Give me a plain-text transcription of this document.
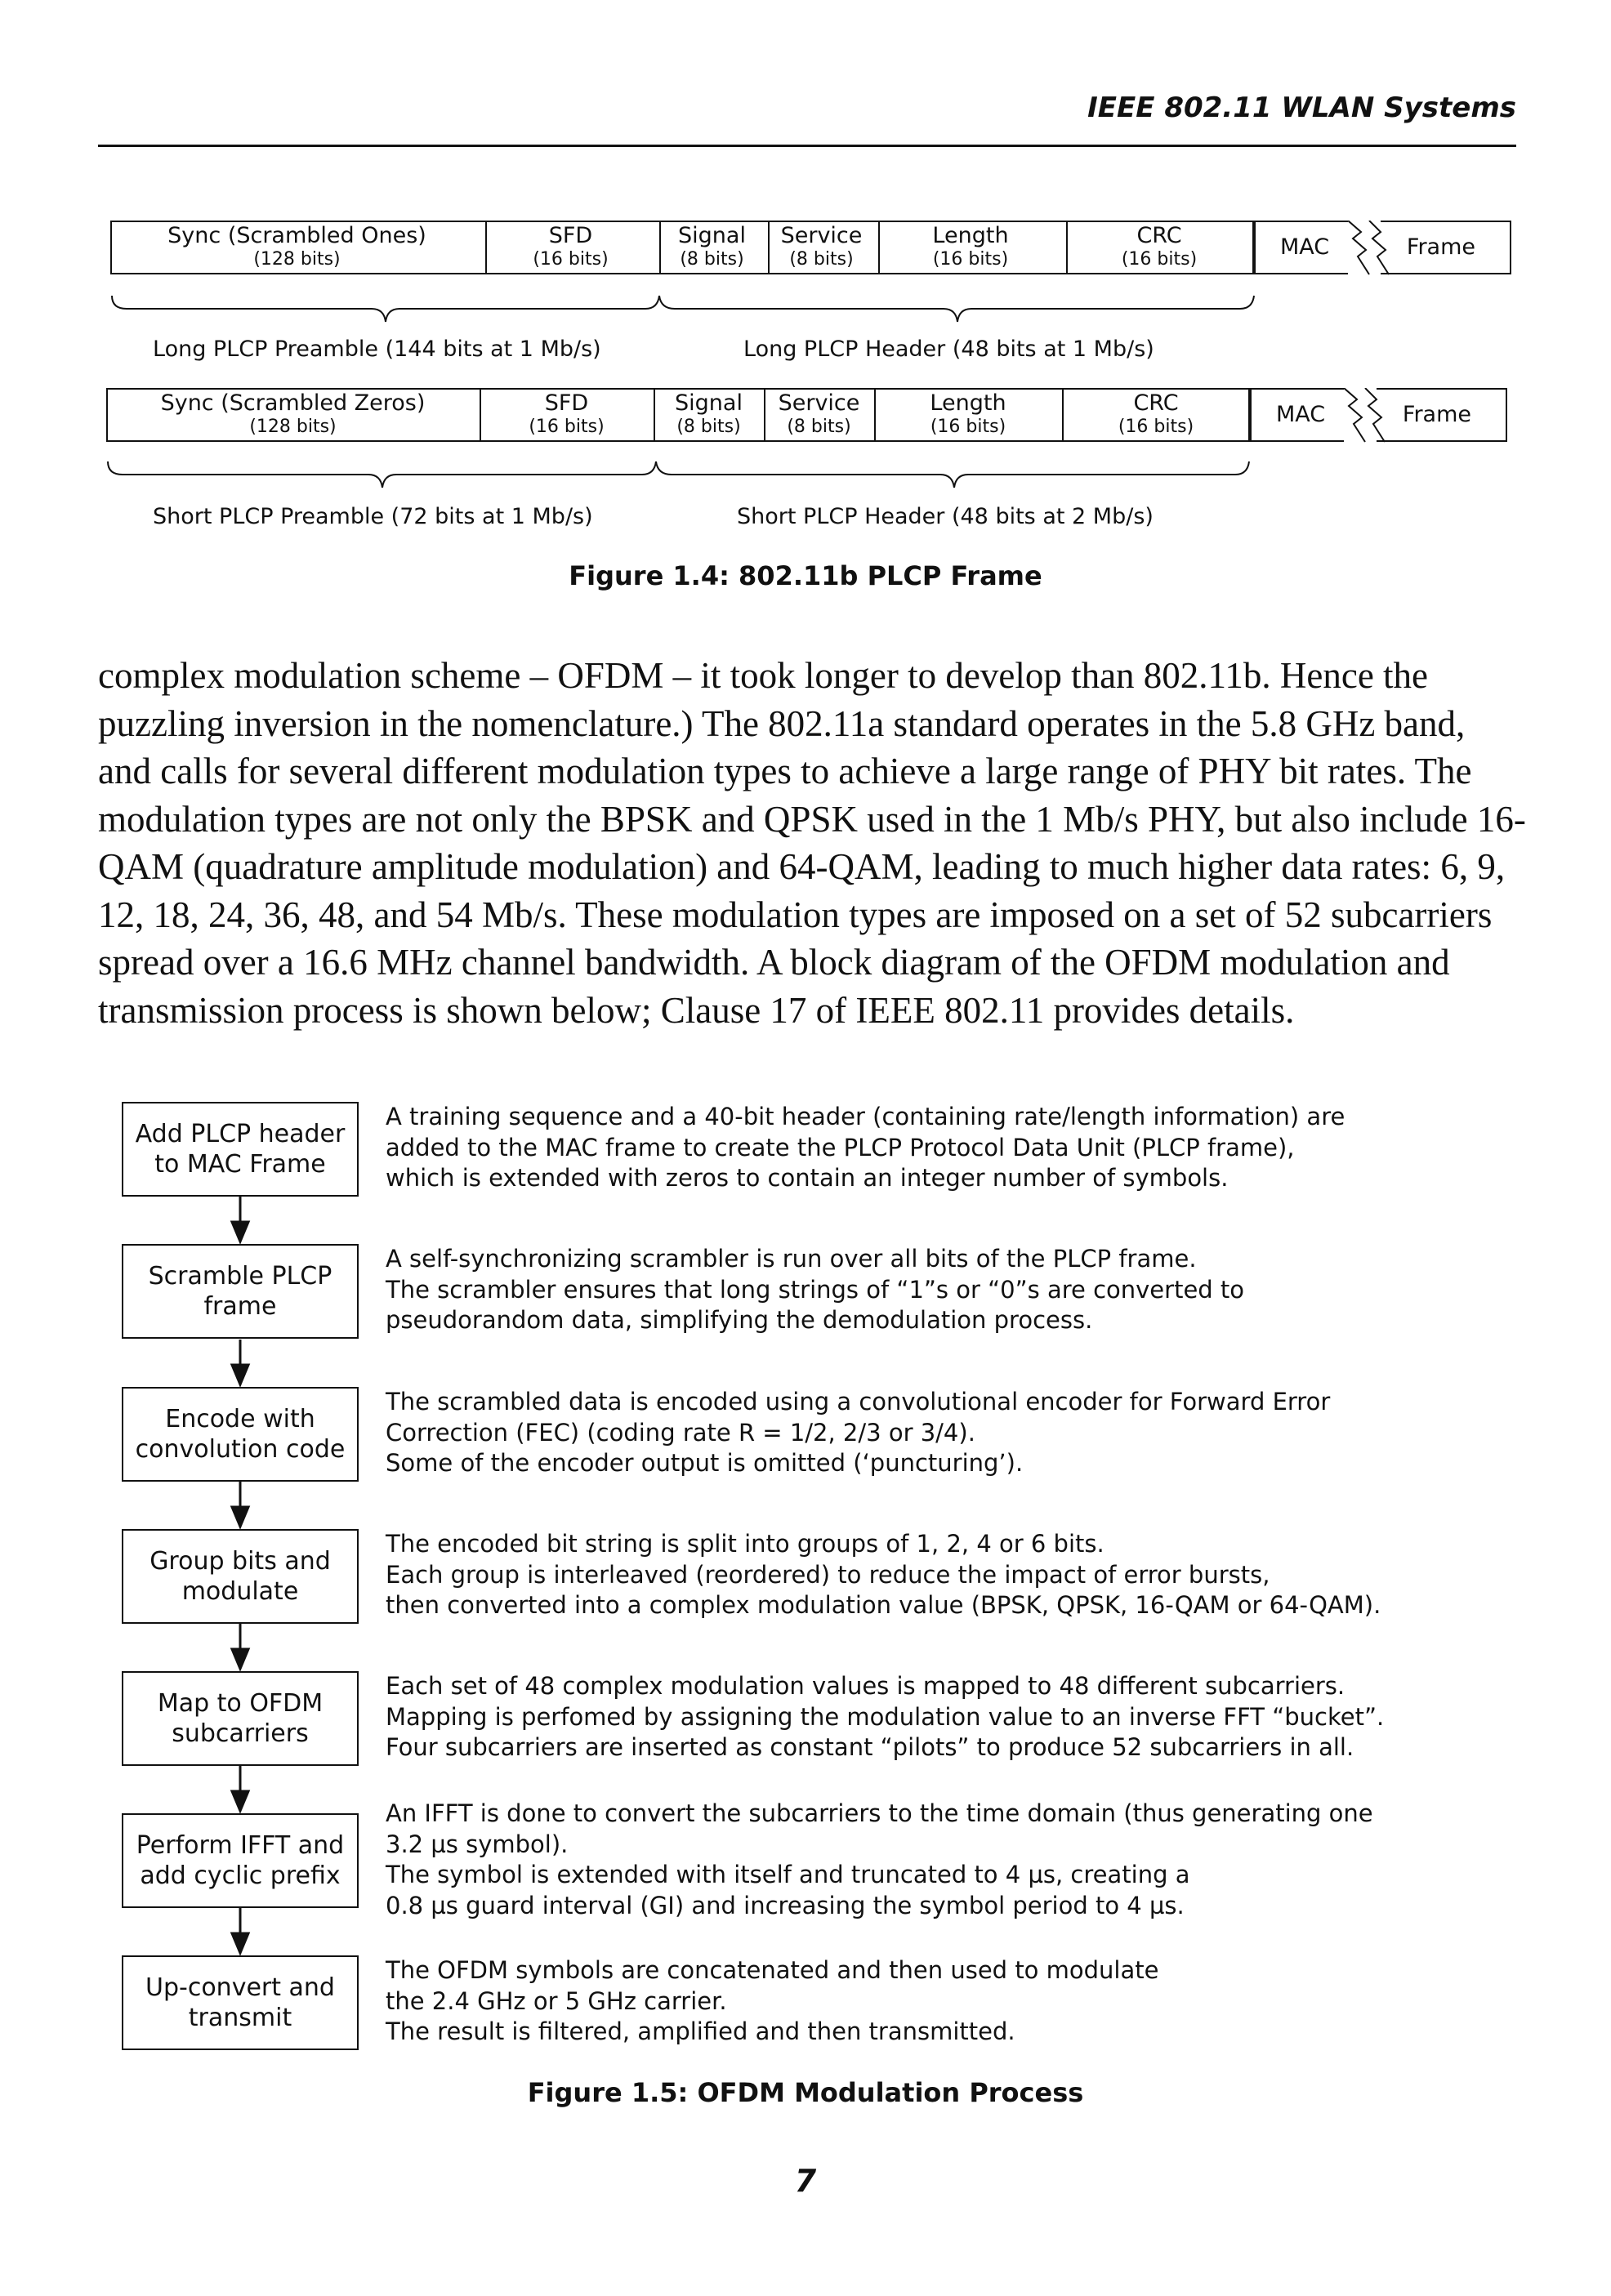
IEEE 802.11 WLAN Systems
Sync (Scrambled Ones)
(128 bits)
SFD
(16 bits)
Signal
(8 bits)
Service
(8 bits)
Length
(16 bits)
CRC
(16 bits)	MAC	Frame
Long PLCP Preamble (144 bits at 1 Mb/s)	Long PLCP Header (48 bits at 1 Mb/s)
Sync (Scrambled Zeros)
(128 bits)
SFD
(16 bits)
Signal
(8 bits)
Service
(8 bits)
Length
(16 bits)
CRC
(16 bits)	MAC	Frame
Short PLCP Preamble (72 bits at 1 Mb/s)	Short PLCP Header (48 bits at 2 Mb/s)
Figure 1.4: 802.11b PLCP Frame
complex modulation scheme – OFDM – it took longer to develop than 802.11b. Hence the
puzzling inversion in the nomenclature.) The 802.11a standard operates in the 5.8 GHz band,
and calls for several different modulation types to achieve a large range of PHY bit rates. The
modulation types are not only the BPSK and QPSK used in the 1 Mb/s PHY, but also include 16-
QAM (quadrature amplitude modulation) and 64-QAM, leading to much higher data rates: 6, 9,
12, 18, 24, 36, 48, and 54 Mb/s. These modulation types are imposed on a set of 52 subcarriers
spread over a 16.6 MHz channel bandwidth. A block diagram of the OFDM modulation and
transmission process is shown below; Clause 17 of IEEE 802.11 provides details.
Add PLCP header
to MAC Frame
A training sequence and a 40-bit header (containing rate/length information) are
added to the MAC frame to create the PLCP Protocol Data Unit (PLCP frame),
which is extended with zeros to contain an integer number of symbols.
Scramble PLCP
frame
A self-synchronizing scrambler is run over all bits of the PLCP frame.
The scrambler ensures that long strings of “1”s or “0”s are converted to
pseudorandom data, simplifying the demodulation process.
Encode with
convolution code
The scrambled data is encoded using a convolutional encoder for Forward Error
Correction (FEC) (coding rate R = 1/2, 2/3 or 3/4).
Some of the encoder output is omitted (‘puncturing’).
Group bits and
modulate
The encoded bit string is split into groups of 1, 2, 4 or 6 bits.
Each group is interleaved (reordered) to reduce the impact of error bursts,
then converted into a complex modulation value (BPSK, QPSK, 16-QAM or 64-QAM).
Map to OFDM
subcarriers
Each set of 48 complex modulation values is mapped to 48 different subcarriers.
Mapping is perfomed by assigning the modulation value to an inverse FFT “bucket”.
Four subcarriers are inserted as constant “pilots” to produce 52 subcarriers in all.
Perform IFFT and
add cyclic prefix
An IFFT is done to convert the subcarriers to the time domain (thus generating one
3.2 µs symbol).
The symbol is extended with itself and truncated to 4 µs, creating a
0.8 µs guard interval (GI) and increasing the symbol period to 4 µs.
Up-convert and
transmit
The OFDM symbols are concatenated and then used to modulate
the 2.4 GHz or 5 GHz carrier.
The result is filtered, amplified and then transmitted.
Figure 1.5: OFDM Modulation Process
7
